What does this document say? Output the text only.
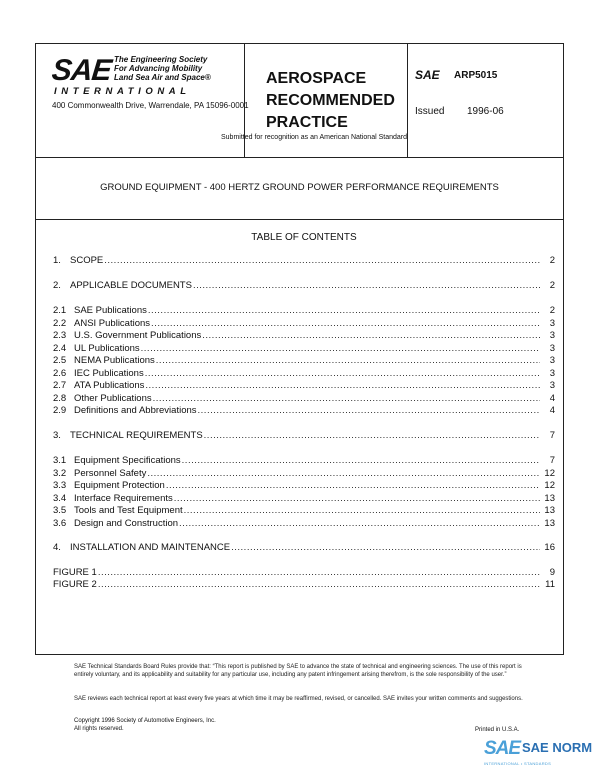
SAE The Engineering Society
For Advancing Mobility
Land Sea Air and Space®
INTERNATIONAL
400 Commonwealth Drive, Warrendale, PA 15096-0001
AEROSPACE
RECOMMENDED
PRACTICE
SAE ARP5015
Issued 1996-06
Submitted for recognition as an American National Standard
GROUND EQUIPMENT - 400 HERTZ GROUND POWER PERFORMANCE REQUIREMENTS
TABLE OF CONTENTS
1. SCOPE .....	2
2. APPLICABLE DOCUMENTS .....	2
2.1 SAE Publications .....	2
2.2 ANSI Publications .....	3
2.3 U.S. Government Publications .....	3
2.4 UL Publications .....	3
2.5 NEMA Publications .....	3
2.6 IEC Publications .....	3
2.7 ATA Publications .....	3
2.8 Other Publications .....	4
2.9 Definitions and Abbreviations .....	4
3. TECHNICAL REQUIREMENTS .....	7
3.1 Equipment Specifications .....	7
3.2 Personnel Safety .....	12
3.3 Equipment Protection .....	12
3.4 Interface Requirements .....	13
3.5 Tools and Test Equipment .....	13
3.6 Design and Construction .....	13
4. INSTALLATION AND MAINTENANCE .....	16
FIGURE 1 .....	9
FIGURE 2 .....	11
SAE Technical Standards Board Rules provide that: “This report is published by SAE to advance the state of technical and engineering sciences. The use of this report is entirely voluntary, and its applicability and suitability for any particular use, including any patent infringement arising therefrom, is the sole responsibility of the user.”
SAE reviews each technical report at least every five years at which time it may be reaffirmed, revised, or cancelled. SAE invites your written comments and suggestions.
Copyright 1996 Society of Automotive Engineers, Inc.
All rights reserved.	Printed in U.S.A.
SAE SAE NORM
INTERNATIONAL • STANDARDS
